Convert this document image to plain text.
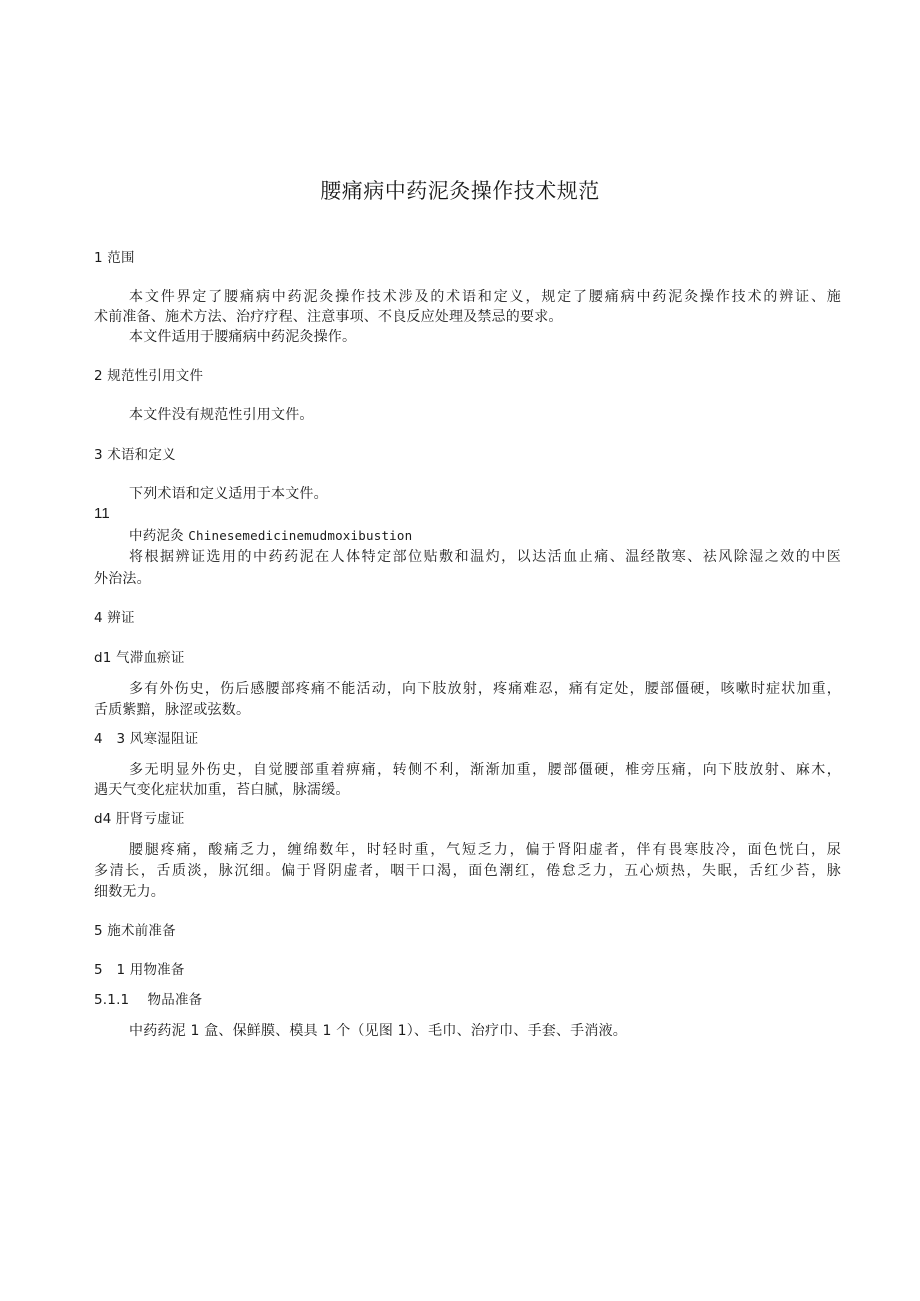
腰痛病中药泥灸操作技术规范
1 范围
本文件界定了腰痛病中药泥灸操作技术涉及的术语和定义，规定了腰痛病中药泥灸操作技术的辨证、施
术前准备、施术方法、治疗疗程、注意事项、不良反应处理及禁忌的要求。
本文件适用于腰痛病中药泥灸操作。
2 规范性引用文件
本文件没有规范性引用文件。
3 术语和定义
下列术语和定义适用于本文件。
11
中药泥灸 Chinesemedicinemudmoxibustion
将根据辨证选用的中药药泥在人体特定部位贴敷和温灼，以达活血止痛、温经散寒、祛风除湿之效的中医
外治法。
4 辨证
d1 气滞血瘀证
多有外伤史，伤后感腰部疼痛不能活动，向下肢放射，疼痛难忍，痛有定处，腰部僵硬，咳嗽时症状加重，
舌质紫黯，脉涩或弦数。
4　3 风寒湿阻证
多无明显外伤史，自觉腰部重着痹痛，转侧不利，渐渐加重，腰部僵硬，椎旁压痛，向下肢放射、麻木，
遇天气变化症状加重，苔白腻，脉濡缓。
d4 肝肾亏虚证
腰腿疼痛，酸痛乏力，缠绵数年，时轻时重，气短乏力，偏于肾阳虚者，伴有畏寒肢冷，面色恍白，尿
多清长，舌质淡，脉沉细。偏于肾阴虚者，咽干口渴，面色潮红，倦怠乏力，五心烦热，失眠，舌红少苔，脉
细数无力。
5 施术前准备
5　1 用物准备
5.1.1　 物品准备
中药药泥 1 盒、保鲜膜、模具 1 个（见图 1）、毛巾、治疗巾、手套、手消液。
